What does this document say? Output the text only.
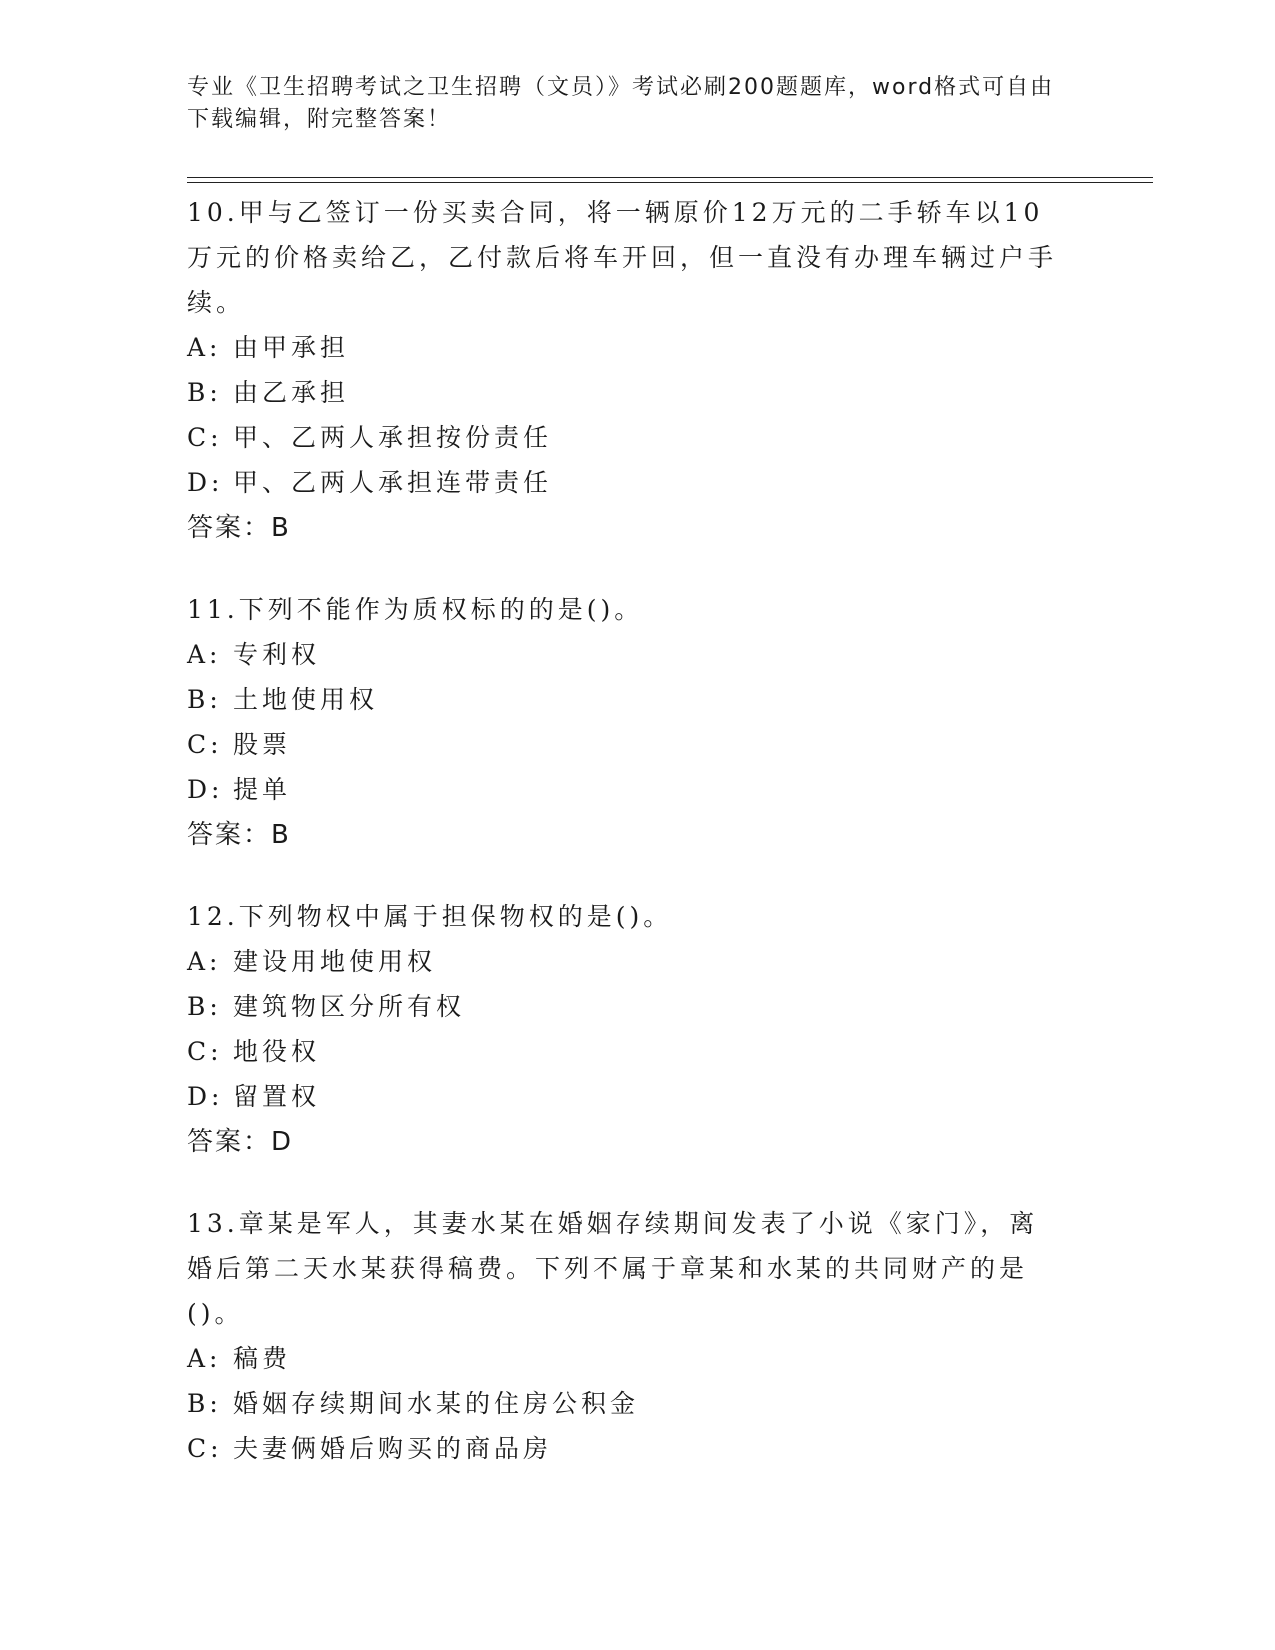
专业《卫生招聘考试之卫生招聘（文员）》考试必刷200题题库，word格式可自由下载编辑，附完整答案！
10.甲与乙签订一份买卖合同，将一辆原价12万元的二手轿车以10万元的价格卖给乙，乙付款后将车开回，但一直没有办理车辆过户手续。
A: 由甲承担
B: 由乙承担
C: 甲、乙两人承担按份责任
D: 甲、乙两人承担连带责任
答案：B
11.下列不能作为质权标的的是()。
A: 专利权
B: 土地使用权
C: 股票
D: 提单
答案：B
12.下列物权中属于担保物权的是()。
A: 建设用地使用权
B: 建筑物区分所有权
C: 地役权
D: 留置权
答案：D
13.章某是军人，其妻水某在婚姻存续期间发表了小说《家门》，离婚后第二天水某获得稿费。下列不属于章某和水某的共同财产的是()。
A: 稿费
B: 婚姻存续期间水某的住房公积金
C: 夫妻俩婚后购买的商品房
